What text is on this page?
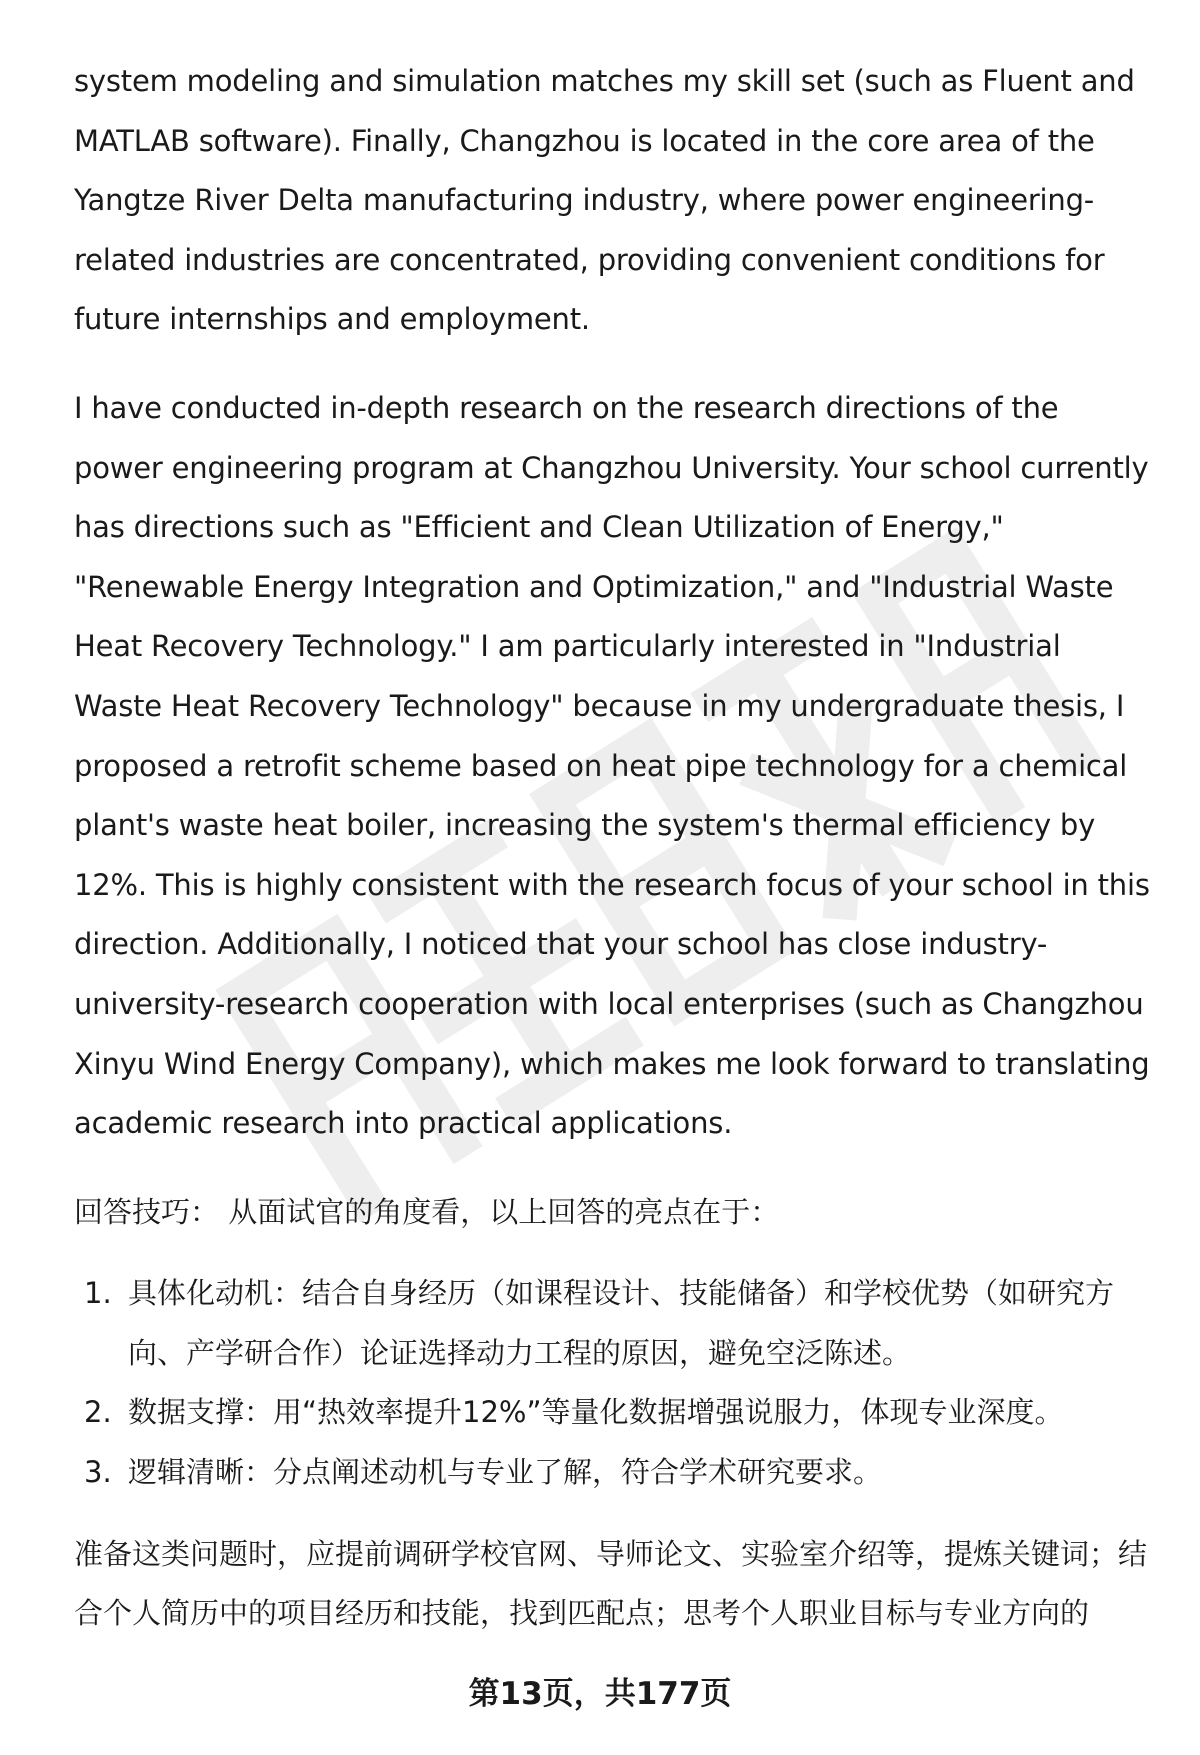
system modeling and simulation matches my skill set (such as Fluent and MATLAB software). Finally, Changzhou is located in the core area of the Yangtze River Delta manufacturing industry, where power engineering-related industries are concentrated, providing convenient conditions for future internships and employment.

I have conducted in-depth research on the research directions of the power engineering program at Changzhou University. Your school currently has directions such as "Efficient and Clean Utilization of Energy," "Renewable Energy Integration and Optimization," and "Industrial Waste Heat Recovery Technology." I am particularly interested in "Industrial Waste Heat Recovery Technology" because in my undergraduate thesis, I proposed a retrofit scheme based on heat pipe technology for a chemical plant's waste heat boiler, increasing the system's thermal efficiency by 12%. This is highly consistent with the research focus of your school in this direction. Additionally, I noticed that your school has close industry-university-research cooperation with local enterprises (such as Changzhou Xinyu Wind Energy Company), which makes me look forward to translating academic research into practical applications.

回答技巧： 从面试官的角度看，以上回答的亮点在于：
1. 具体化动机：结合自身经历（如课程设计、技能储备）和学校优势（如研究方向、产学研合作）论证选择动力工程的原因，避免空泛陈述。
2. 数据支撑：用“热效率提升12%”等量化数据增强说服力，体现专业深度。
3. 逻辑清晰：分点阐述动机与专业了解，符合学术研究要求。

准备这类问题时，应提前调研学校官网、导师论文、实验室介绍等，提炼关键词；结合个人简历中的项目经历和技能，找到匹配点；思考个人职业目标与专业方向的

第13页，共177页
